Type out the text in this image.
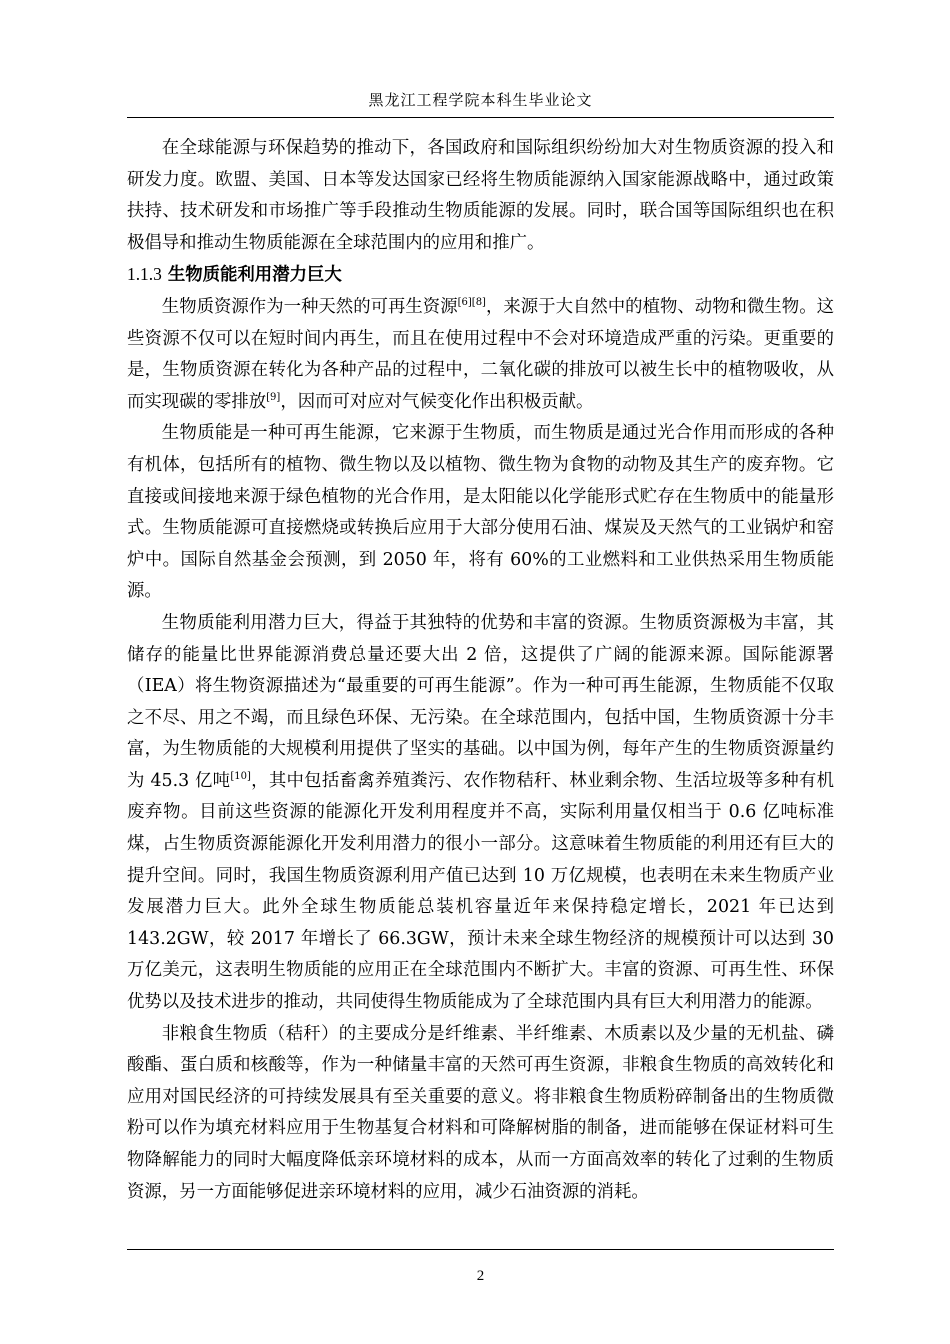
黑龙江工程学院本科生毕业论文

在全球能源与环保趋势的推动下，各国政府和国际组织纷纷加大对生物质资源的投入和研发力度。欧盟、美国、日本等发达国家已经将生物质能源纳入国家能源战略中，通过政策扶持、技术研发和市场推广等手段推动生物质能源的发展。同时，联合国等国际组织也在积极倡导和推动生物质能源在全球范围内的应用和推广。

1.1.3 生物质能利用潜力巨大

生物质资源作为一种天然的可再生资源[6][8]，来源于大自然中的植物、动物和微生物。这些资源不仅可以在短时间内再生，而且在使用过程中不会对环境造成严重的污染。更重要的是，生物质资源在转化为各种产品的过程中，二氧化碳的排放可以被生长中的植物吸收，从而实现碳的零排放[9]，因而可对应对气候变化作出积极贡献。

生物质能是一种可再生能源，它来源于生物质，而生物质是通过光合作用而形成的各种有机体，包括所有的植物、微生物以及以植物、微生物为食物的动物及其生产的废弃物。它直接或间接地来源于绿色植物的光合作用，是太阳能以化学能形式贮存在生物质中的能量形式。生物质能源可直接燃烧或转换后应用于大部分使用石油、煤炭及天然气的工业锅炉和窑炉中。国际自然基金会预测，到 2050 年，将有 60%的工业燃料和工业供热采用生物质能源。

生物质能利用潜力巨大，得益于其独特的优势和丰富的资源。生物质资源极为丰富，其储存的能量比世界能源消费总量还要大出 2 倍，这提供了广阔的能源来源。国际能源署（IEA）将生物资源描述为“最重要的可再生能源”。作为一种可再生能源，生物质能不仅取之不尽、用之不竭，而且绿色环保、无污染。在全球范围内，包括中国，生物质资源十分丰富，为生物质能的大规模利用提供了坚实的基础。以中国为例，每年产生的生物质资源量约为 45.3 亿吨[10]，其中包括畜禽养殖粪污、农作物秸秆、林业剩余物、生活垃圾等多种有机废弃物。目前这些资源的能源化开发利用程度并不高，实际利用量仅相当于 0.6 亿吨标准煤，占生物质资源能源化开发利用潜力的很小一部分。这意味着生物质能的利用还有巨大的提升空间。同时，我国生物质资源利用产值已达到 10 万亿规模，也表明在未来生物质产业发展潜力巨大。此外全球生物质能总装机容量近年来保持稳定增长，2021 年已达到 143.2GW，较 2017 年增长了 66.3GW，预计未来全球生物经济的规模预计可以达到 30 万亿美元，这表明生物质能的应用正在全球范围内不断扩大。丰富的资源、可再生性、环保优势以及技术进步的推动，共同使得生物质能成为了全球范围内具有巨大利用潜力的能源。

非粮食生物质（秸秆）的主要成分是纤维素、半纤维素、木质素以及少量的无机盐、磷酸酯、蛋白质和核酸等，作为一种储量丰富的天然可再生资源，非粮食生物质的高效转化和应用对国民经济的可持续发展具有至关重要的意义。将非粮食生物质粉碎制备出的生物质微粉可以作为填充材料应用于生物基复合材料和可降解树脂的制备，进而能够在保证材料可生物降解能力的同时大幅度降低亲环境材料的成本，从而一方面高效率的转化了过剩的生物质资源，另一方面能够促进亲环境材料的应用，减少石油资源的消耗。

2
